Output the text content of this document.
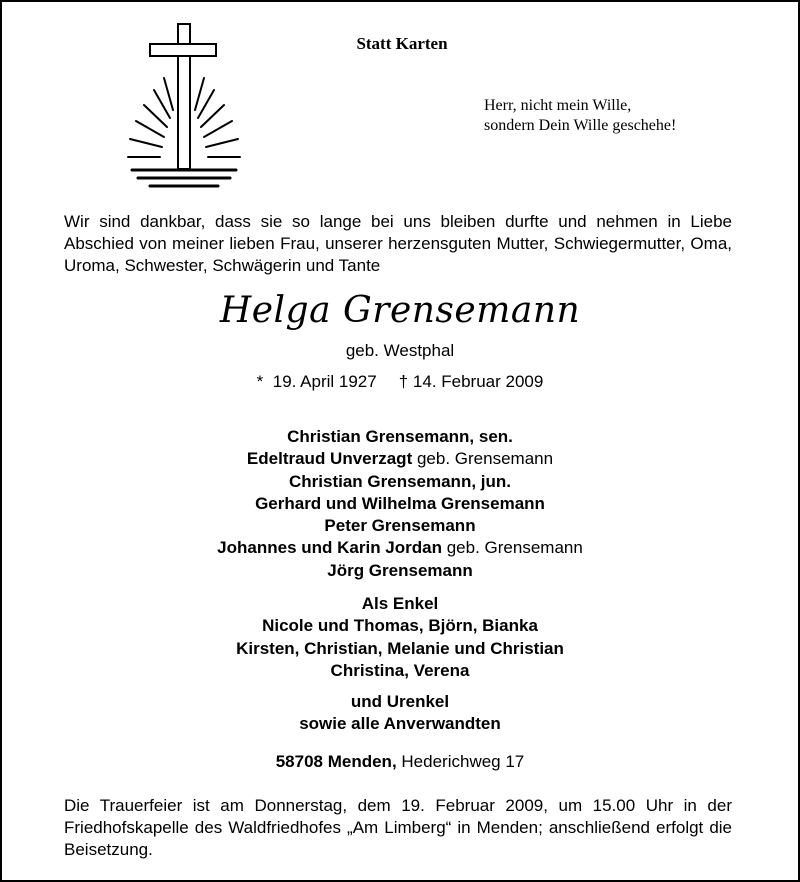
Statt Karten
Herr, nicht mein Wille,
sondern Dein Wille geschehe!
Wir sind dankbar, dass sie so lange bei uns bleiben durfte und nehmen in Liebe Abschied von meiner lieben Frau, unserer herzensguten Mutter, Schwiegermutter, Oma, Uroma, Schwester, Schwägerin und Tante
Helga Grensemann
geb. Westphal
* 19. April 1927 † 14. Februar 2009
Christian Grensemann, sen.
Edeltraud Unverzagt geb. Grensemann
Christian Grensemann, jun.
Gerhard und Wilhelma Grensemann
Peter Grensemann
Johannes und Karin Jordan geb. Grensemann
Jörg Grensemann
Als Enkel
Nicole und Thomas, Björn, Bianka
Kirsten, Christian, Melanie und Christian
Christina, Verena
und Urenkel
sowie alle Anverwandten
58708 Menden, Hederichweg 17
Die Trauerfeier ist am Donnerstag, dem 19. Februar 2009, um 15.00 Uhr in der Friedhofskapelle des Waldfriedhofes „Am Limberg“ in Menden; anschließend erfolgt die Beisetzung.
